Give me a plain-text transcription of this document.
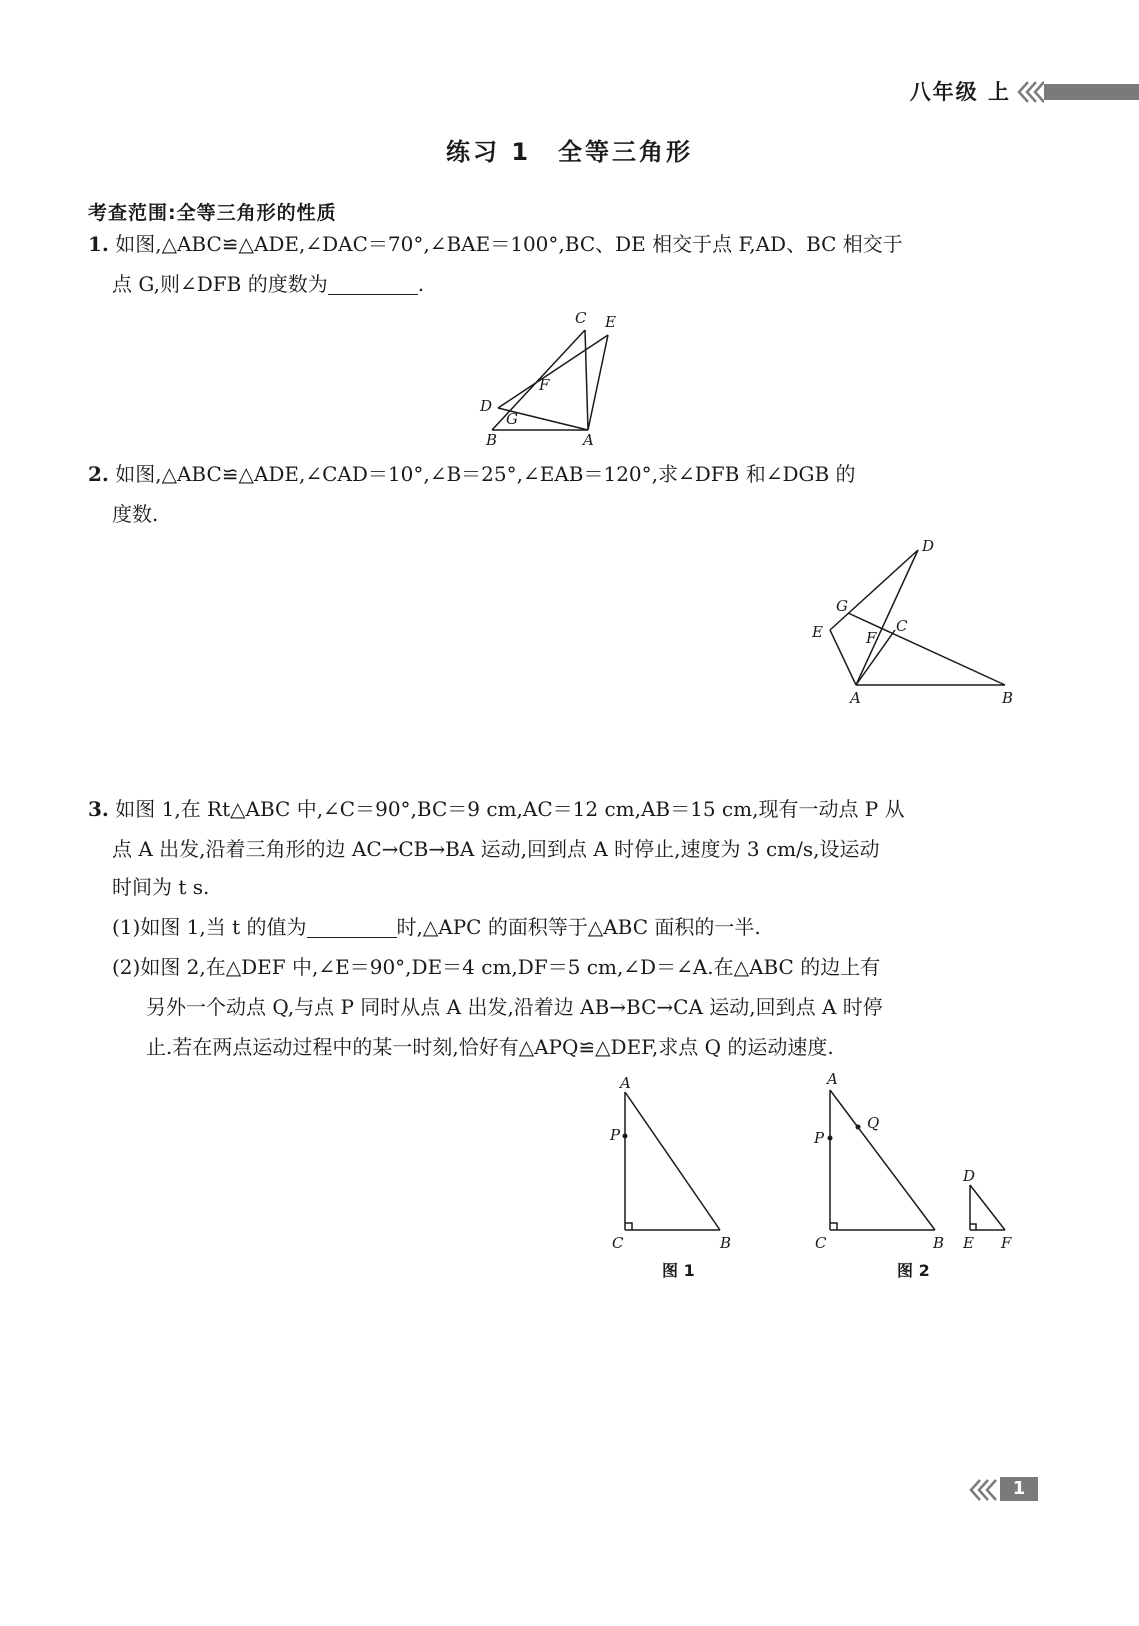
八年级 上
练习 1　全等三角形
考查范围:全等三角形的性质
1. 如图,△ABC≌△ADE,∠DAC＝70°,∠BAE＝100°,BC、DE 相交于点 F,AD、BC 相交于
点 G,则∠DFB 的度数为	.
C E
F
D
G
B	A
2. 如图,△ABC≌△ADE,∠CAD＝10°,∠B＝25°,∠EAB＝120°,求∠DFB 和∠DGB 的
度数.
D
G
C
E	F
A	B
3. 如图 1,在 Rt△ABC 中,∠C＝90°,BC＝9 cm,AC＝12 cm,AB＝15 cm,现有一动点 P 从
点 A 出发,沿着三角形的边 AC→CB→BA 运动,回到点 A 时停止,速度为 3 cm/s,设运动
时间为 t s.
(1)如图 1,当 t 的值为	时,△APC 的面积等于△ABC 面积的一半.
(2)如图 2,在△DEF 中,∠E＝90°,DE＝4 cm,DF＝5 cm,∠D＝∠A.在△ABC 的边上有
另外一个动点 Q,与点 P 同时从点 A 出发,沿着边 AB→BC→CA 运动,回到点 A 时停
止.若在两点运动过程中的某一时刻,恰好有△APQ≌△DEF,求点 Q 的运动速度.
A
P
C	B
图 1
A
Q
P
C	B
D
E F
图 2
1
